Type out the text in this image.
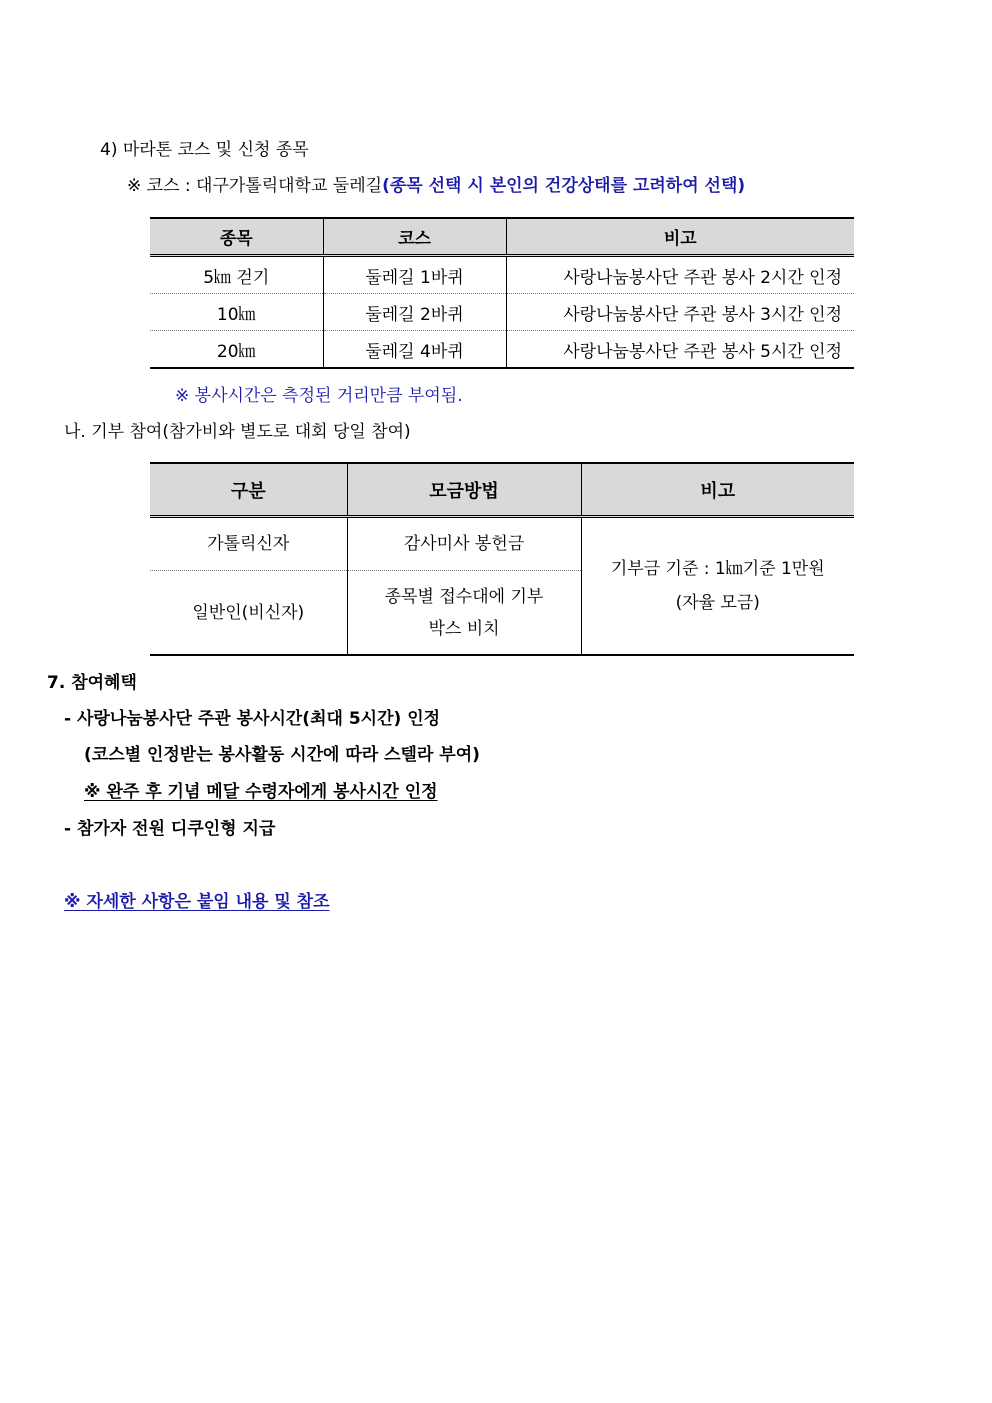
4) 마라톤 코스 및 신청 종목
※ 코스 : 대구가톨릭대학교 둘레길(종목 선택 시 본인의 건강상태를 고려하여 선택)
종목	코스	비고
5㎞ 걷기	둘레길 1바퀴	사랑나눔봉사단 주관 봉사 2시간 인정
10㎞	둘레길 2바퀴	사랑나눔봉사단 주관 봉사 3시간 인정
20㎞	둘레길 4바퀴	사랑나눔봉사단 주관 봉사 5시간 인정
※ 봉사시간은 측정된 거리만큼 부여됨.
나. 기부 참여(참가비와 별도로 대회 당일 참여)
구분	모금방법	비고
가톨릭신자	감사미사 봉헌금	기부금 기준 : 1㎞기준 1만원
(자율 모금)

일반인(비신자)	종목별 접수대에 기부
박스 비치	
7. 참여혜택
- 사랑나눔봉사단 주관 봉사시간(최대 5시간) 인정
(코스별 인정받는 봉사활동 시간에 따라 스텔라 부여)
※ 완주 후 기념 메달 수령자에게 봉사시간 인정
- 참가자 전원 디쿠인형 지급
※ 자세한 사항은 붙임 내용 및 참조
